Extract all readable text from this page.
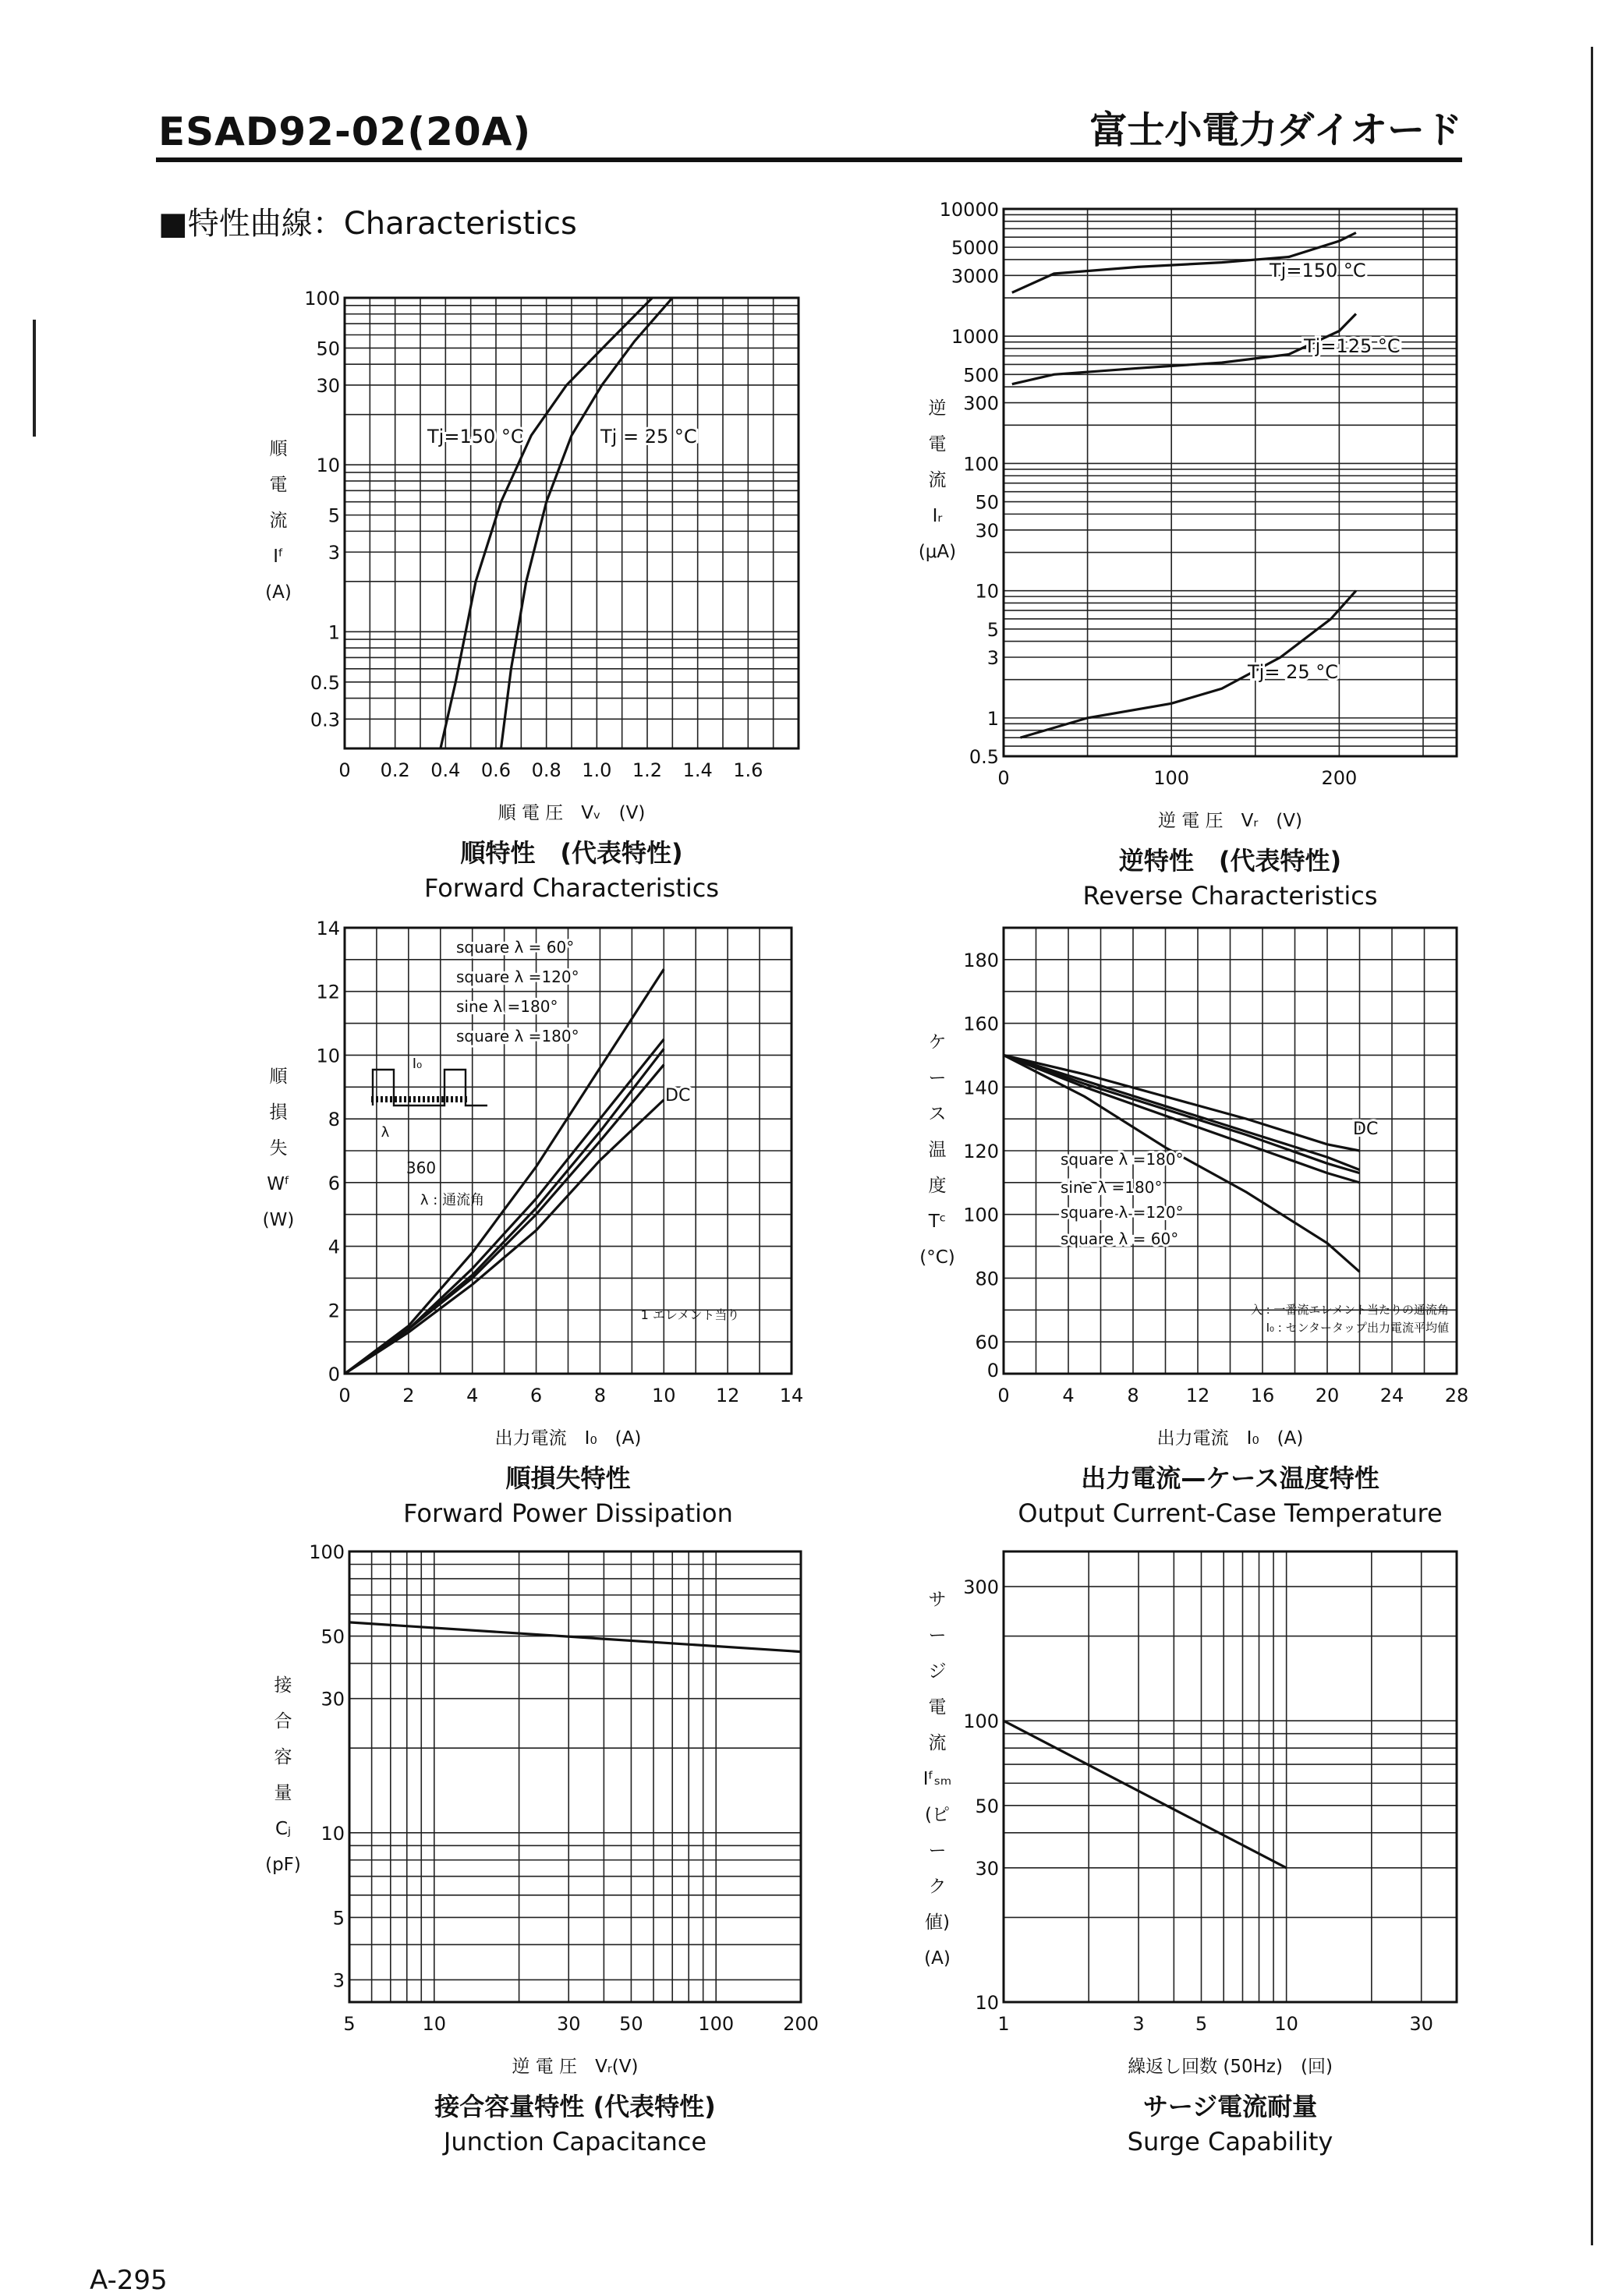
ESAD92-02(20A)	富士小電力ダイオード
■特性曲線：Characteristics
A-295
0 0.2 0.4 0.6 0.8 1.0 1.2 1.4 1.6
0.3
0.5
1
3
5
10
30
50
100
順 電 圧　Vᵥ　(V)
順
電
流
Iᶠ
(A)
順特性　(代表特性)
Forward Characteristics
0	100	200
0.5
1
3
5
10
30
50
100
300
500
1000
3000
5000
10000
逆 電 圧　Vᵣ　(V)
逆
電
流
Iᵣ
(μA)
逆特性　(代表特性)
Reverse Characteristics
0	2	4	6	8 10 12 14
0
2
4
6
8
10
12
14
出力電流　I₀　(A)
順
損
失
Wᶠ
(W)
順損失特性
Forward Power Dissipation
0	4	8	12 16 20 24 28
60
80
100
120
140
160
180
0
出力電流　I₀　(A)
ケ
ー
ス
温
度
Tᶜ
(°C)
出力電流—ケース温度特性
Output Current-Case Temperature
5	10	30 50	100	200
3
5
10
30
50
100
逆 電 圧　Vᵣ(V)
接
合
容
量
Cⱼ
(pF)
接合容量特性 (代表特性)
Junction Capacitance
1	3	5	10	30
10
30
50
100
300
繰返し回数 (50Hz)　(回)
サ
ー
ジ
電
流
Iᶠₛₘ
(ピ
ー
ク
値)
(A)
サージ電流耐量
Surge Capability
Tj=150 °C	Tj = 25 °C
Tj=150 °C
Tj=125 °C
Tj= 25 °C
square λ = 60°
square λ =120°
sine λ =180°
square λ =180°
DC
DC
square λ =180°
sine λ =180°
square λ =120°
square λ = 60°
I₀
λ
360
λ : 通流角
1 エレメント当り	入 : 一番流エレメント当たりの通流角
I₀ : センタータップ出力電流平均値
